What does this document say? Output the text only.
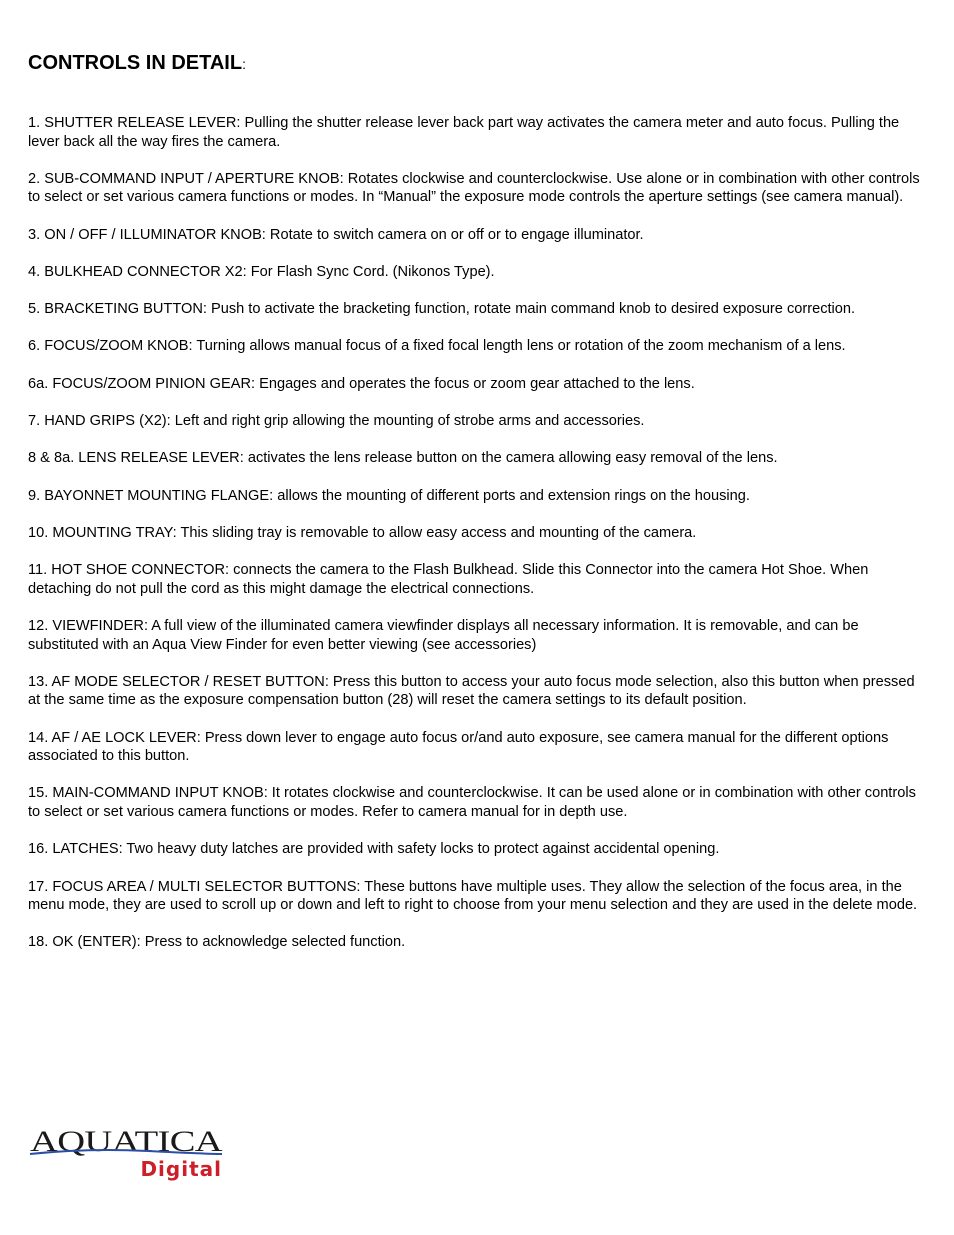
CONTROLS IN DETAIL:

1. SHUTTER RELEASE LEVER: Pulling the shutter release lever back part way activates the camera meter and auto focus. Pulling the lever back all the way fires the camera.

2. SUB-COMMAND INPUT / APERTURE KNOB: Rotates clockwise and counterclockwise. Use alone or in combination with other controls to select or set various camera functions or modes. In “Manual” the exposure mode controls the aperture settings (see camera manual).

3. ON / OFF / ILLUMINATOR KNOB: Rotate to switch camera on or off or to engage illuminator.

4. BULKHEAD CONNECTOR X2: For Flash Sync Cord. (Nikonos Type).

5. BRACKETING BUTTON: Push to activate the bracketing function, rotate main command knob to desired exposure correction.

6. FOCUS/ZOOM KNOB: Turning allows manual focus of a fixed focal length lens or rotation of the zoom mechanism of a lens.

6a. FOCUS/ZOOM PINION GEAR: Engages and operates the focus or zoom gear attached to the lens.

7. HAND GRIPS (X2): Left and right grip allowing the mounting of strobe arms and accessories.

8 & 8a. LENS RELEASE LEVER: activates the lens release button on the camera allowing easy removal of the lens.

9. BAYONNET MOUNTING FLANGE: allows the mounting of different ports and extension rings on the housing.

10. MOUNTING TRAY: This sliding tray is removable to allow easy access and mounting of the camera.

11. HOT SHOE CONNECTOR: connects the camera to the Flash Bulkhead. Slide this Connector into the camera Hot Shoe. When detaching do not pull the cord as this might damage the electrical connections.

12. VIEWFINDER: A full view of the illuminated camera viewfinder displays all necessary information. It is removable, and can be substituted with an Aqua View Finder for even better viewing (see accessories)

13. AF MODE SELECTOR / RESET BUTTON: Press this button to access your auto focus mode selection, also this button when pressed at the same time as the exposure compensation button (28) will reset the camera settings to its default position.

14. AF / AE LOCK LEVER: Press down lever to engage auto focus or/and auto exposure, see camera manual for the different options associated to this button.

15. MAIN-COMMAND INPUT KNOB: It rotates clockwise and counterclockwise. It can be used alone or in combination with other controls to select or set various camera functions or modes. Refer to camera manual for in depth use.

16. LATCHES: Two heavy duty latches are provided with safety locks to protect against accidental opening.

17. FOCUS AREA / MULTI SELECTOR BUTTONS: These buttons have multiple uses. They allow the selection of the focus area, in the menu mode, they are used to scroll up or down and left to right to choose from your menu selection and they are used in the delete mode.

18. OK (ENTER): Press to acknowledge selected function.

AQUATICA
Digital
